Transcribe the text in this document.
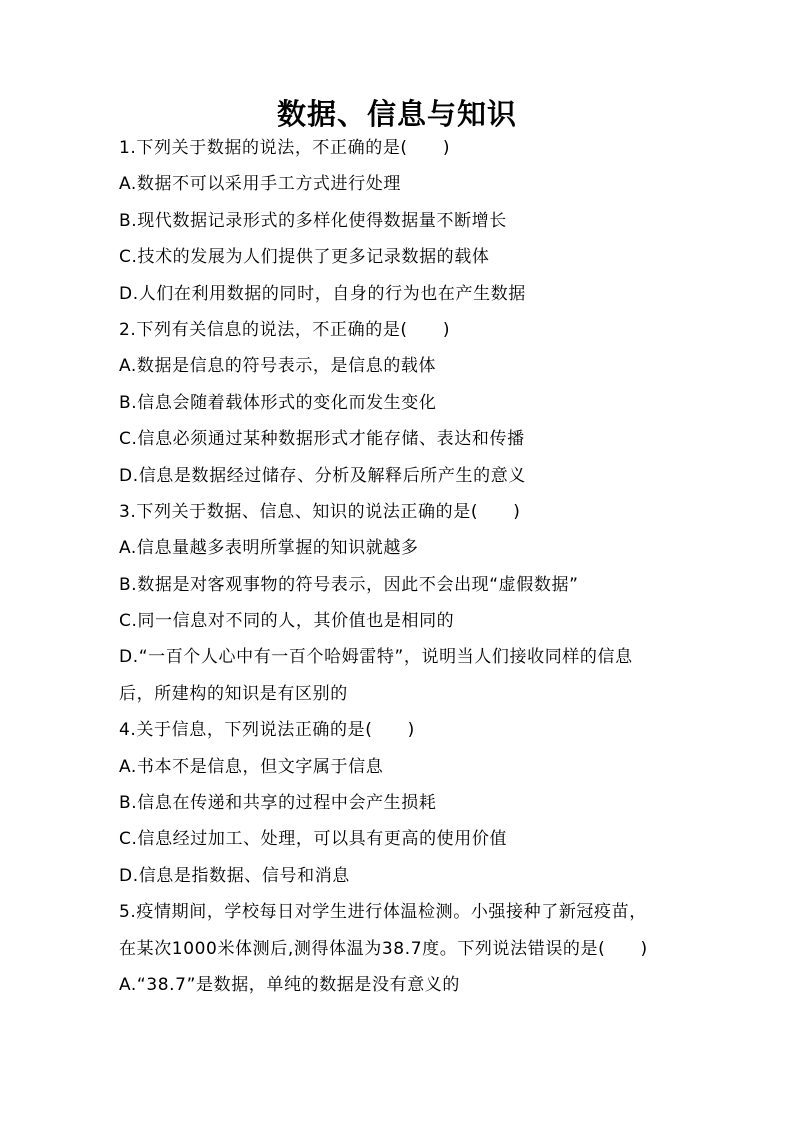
数据、信息与知识
1.下列关于数据的说法，不正确的是(　　)
A.数据不可以采用手工方式进行处理
B.现代数据记录形式的多样化使得数据量不断增长
C.技术的发展为人们提供了更多记录数据的载体
D.人们在利用数据的同时，自身的行为也在产生数据
2.下列有关信息的说法，不正确的是(　　)
A.数据是信息的符号表示，是信息的载体
B.信息会随着载体形式的变化而发生变化
C.信息必须通过某种数据形式才能存储、表达和传播
D.信息是数据经过储存、分析及解释后所产生的意义
3.下列关于数据、信息、知识的说法正确的是(　　)
A.信息量越多表明所掌握的知识就越多
B.数据是对客观事物的符号表示，因此不会出现“虚假数据”
C.同一信息对不同的人，其价值也是相同的
D.“一百个人心中有一百个哈姆雷特”，说明当人们接收同样的信息
后，所建构的知识是有区别的
4.关于信息，下列说法正确的是(　　)
A.书本不是信息，但文字属于信息
B.信息在传递和共享的过程中会产生损耗
C.信息经过加工、处理，可以具有更高的使用价值
D.信息是指数据、信号和消息
5.疫情期间，学校每日对学生进行体温检测。小强接种了新冠疫苗，
在某次1000米体测后,测得体温为38.7度。下列说法错误的是(　　)
A.“38.7”是数据，单纯的数据是没有意义的
